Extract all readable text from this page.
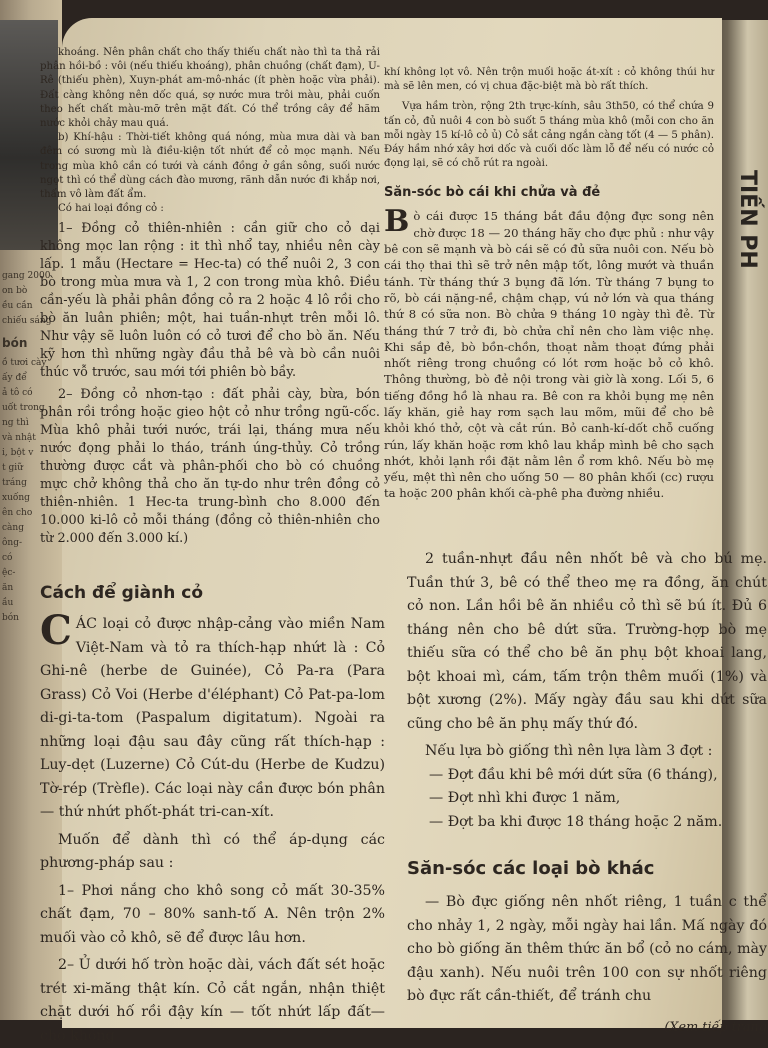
gang 2000
on bò
ều cần
chiếu sáng
bón
ồ tươi cày
ấy để
ả tô có
uốt trong
ng thì
và nhật
i, bột v
t giữ
tráng
xuống
ên cho
càng
ông-
có
ệc-
ăn
ầu
bón
TIẾN PH

khoáng. Nên phân chất cho thấy thiếu chất nào thì ta thả rải phân hồi-bồ : vôi (nếu thiếu khoáng), phân chuồng (chất đạm), U-Rê (thiếu phèn), Xuyn-phát am-mô-nhác (ít phèn hoặc vừa phải). Đất càng không nên dốc quá, sợ nước mưa trôi màu, phải cuốn theo hết chất màu-mỡ trên mặt đất. Có thể trồng cây để hãm nước khỏi chảy mau quá.

b) Khí-hậu : Thời-tiết không quá nóng, mùa mưa dài và ban đêm có sương mù là điều-kiện tốt nhứt để cỏ mọc mạnh. Nếu trong mùa khô cần có tưới và cánh đồng ở gần sông, suối nước ngọt thì có thể dùng cách đào mương, rãnh dẫn nước đi khắp nơi, thấm vô làm đất ẩm.

Có hai loại đồng cỏ :

1– Đồng cỏ thiên-nhiên : cần giữ cho cỏ dại không mọc lan rộng : it thì nhổ tay, nhiều nên cày lấp. 1 mẫu (Hectare = Hec-ta) có thể nuôi 2, 3 con bò trong mùa mưa và 1, 2 con trong mùa khô. Điều cần-yếu là phải phân đồng cỏ ra 2 hoặc 4 lô rồi cho bò ăn luân phiên; một, hai tuần-nhựt trên mỗi lô. Như vậy sẽ luôn luôn có cỏ tươi để cho bò ăn. Nếu kỹ hơn thì những ngày đầu thả bê và bò cần nuôi thúc vỗ trước, sau mới tới phiên bò bầy.

2– Đồng cỏ nhơn-tạo : đất phải cày, bừa, bón phân rồi trồng hoặc gieo hột cỏ như trồng ngũ-cốc. Mùa khô phải tưới nước, trái lại, tháng mưa nếu nước đọng phải lo tháo, tránh úng-thủy. Cỏ trồng thường được cắt và phân-phối cho bò có chuồng mực chở không thả cho ăn tự-do như trên đồng cỏ thiên-nhiên. 1 Hec-ta trung-bình cho 8.000 đến 10.000 ki-lô cỏ mỗi tháng (đồng cỏ thiên-nhiên cho từ 2.000 đến 3.000 kí.)

Cách để giành cỏ

CÁC loại cỏ được nhập-cảng vào miền Nam Việt-Nam và tỏ ra thích-hạp nhứt là : Cỏ Ghi-nê (herbe de Guinée), Cỏ Pa-ra (Para Grass) Cỏ Voi (Herbe d'éléphant) Cỏ Pat-pa-lom di-gi-ta-tom (Paspalum digitatum). Ngoài ra những loại đậu sau đây cũng rất thích-hạp : Luy-dẹt (Luzerne) Cỏ Cút-du (Herbe de Kudzu) Tờ-rép (Trèfle). Các loại này cần được bón phân — thứ nhứt phốt-phát tri-can-xít.

Muốn để dành thì có thể áp-dụng các phương-pháp sau :

1– Phơi nắng cho khô song cỏ mất 30-35% chất đạm, 70 – 80% sanh-tố A. Nên trộn 2% muối vào cỏ khô, sẽ để được lâu hơn.

2– Ủ dưới hố tròn hoặc dài, vách đất sét hoặc trét xi-măng thật kín. Cỏ cắt ngắn, nhận thiệt chặt dưới hố rồi đậy kín — tốt nhứt lấp đất— cho không

khí không lọt vô. Nên trộn muối hoặc át-xít : cỏ không thúi hư mà sẽ lên men, có vị chua đặc-biệt mà bò rất thích.

Vựa hầm tròn, rộng 2th trực-kính, sâu 3th50, có thể chứa 9 tấn cỏ, đủ nuôi 4 con bò suốt 5 tháng mùa khô (mỗi con cho ăn mỗi ngày 15 kí-lô cỏ ủ) Cỏ sắt cảng ngắn càng tốt (4 — 5 phân). Đáy hầm nhớ xây hơi dốc và cuối dốc làm lỗ để nếu có nước cỏ đọng lại, sẽ có chỗ rút ra ngoài.

Săn-sóc bò cái khi chửa và đẻ

Bò cái được 15 tháng bắt đầu động đực song nên chờ được 18 — 20 tháng hãy cho đực phủ : như vậy bê con sẽ mạnh và bò cái sẽ có đủ sữa nuôi con. Nếu bò cái thọ thai thì sẽ trở nên mập tốt, lông mướt và thuần tánh. Từ tháng thứ 3 bụng đã lớn. Từ tháng 7 bụng to rõ, bò cái nặng-nề, chậm chạp, vú nở lớn và qua tháng thứ 8 có sữa non. Bò chửa 9 tháng 10 ngày thì đẻ. Từ tháng thứ 7 trở đi, bò chửa chỉ nên cho làm việc nhẹ. Khi sắp đẻ, bò bồn-chồn, thoạt nằm thoạt đứng phải nhốt riêng trong chuồng có lót rơm hoặc bỏ cỏ khô. Thông thường, bò đẻ nội trong vài giờ là xong. Lối 5, 6 tiếng đồng hồ là nhau ra. Bê con ra khỏi bụng mẹ nên lấy khăn, giẻ hay rơm sạch lau mõm, mũi để cho bê khỏi khó thở, cột và cắt rún. Bỏ canh-kí-dốt chỗ cuống rún, lấy khăn hoặc rơm khô lau khắp mình bê cho sạch nhớt, khỏi lạnh rồi đặt nằm lên ổ rơm khô. Nếu bò mẹ yếu, mệt thì nên cho uống 50 — 80 phân khối (cc) rượu ta hoặc 200 phân khối cà-phê pha đường nhiều.

2 tuần-nhựt đầu nên nhốt bê và cho bú mẹ. Tuần thứ 3, bê có thể theo mẹ ra đồng, ăn chút cỏ non. Lần hồi bê ăn nhiều cỏ thì sẽ bú ít. Đủ 6 tháng nên cho bê dứt sữa. Trường-hợp bò mẹ thiếu sữa có thể cho bê ăn phụ bột khoai lang, bột khoai mì, cám, tấm trộn thêm muối (1%) và bột xương (2%). Mấy ngày đầu sau khi dứt sữa cũng cho bê ăn phụ mấy thứ đó.

Nếu lựa bò giống thì nên lựa làm 3 đợt :

— Đợt đầu khi bê mới dứt sữa (6 tháng),

— Đợt nhì khi được 1 năm,

— Đợt ba khi được 18 tháng hoặc 2 năm.

Săn-sóc các loại bò khác

— Bò đực giống nên nhốt riêng, 1 tuần c thể cho nhảy 1, 2 ngày, mỗi ngày hai lần. Mấ ngày đó cho bò giống ăn thêm thức ăn bổ (cỏ no cám, mày đậu xanh). Nếu nuôi trên 100 con sự nhốt riêng bò đực rất cần-thiết, để tránh chu

(Xem tiếp trang
